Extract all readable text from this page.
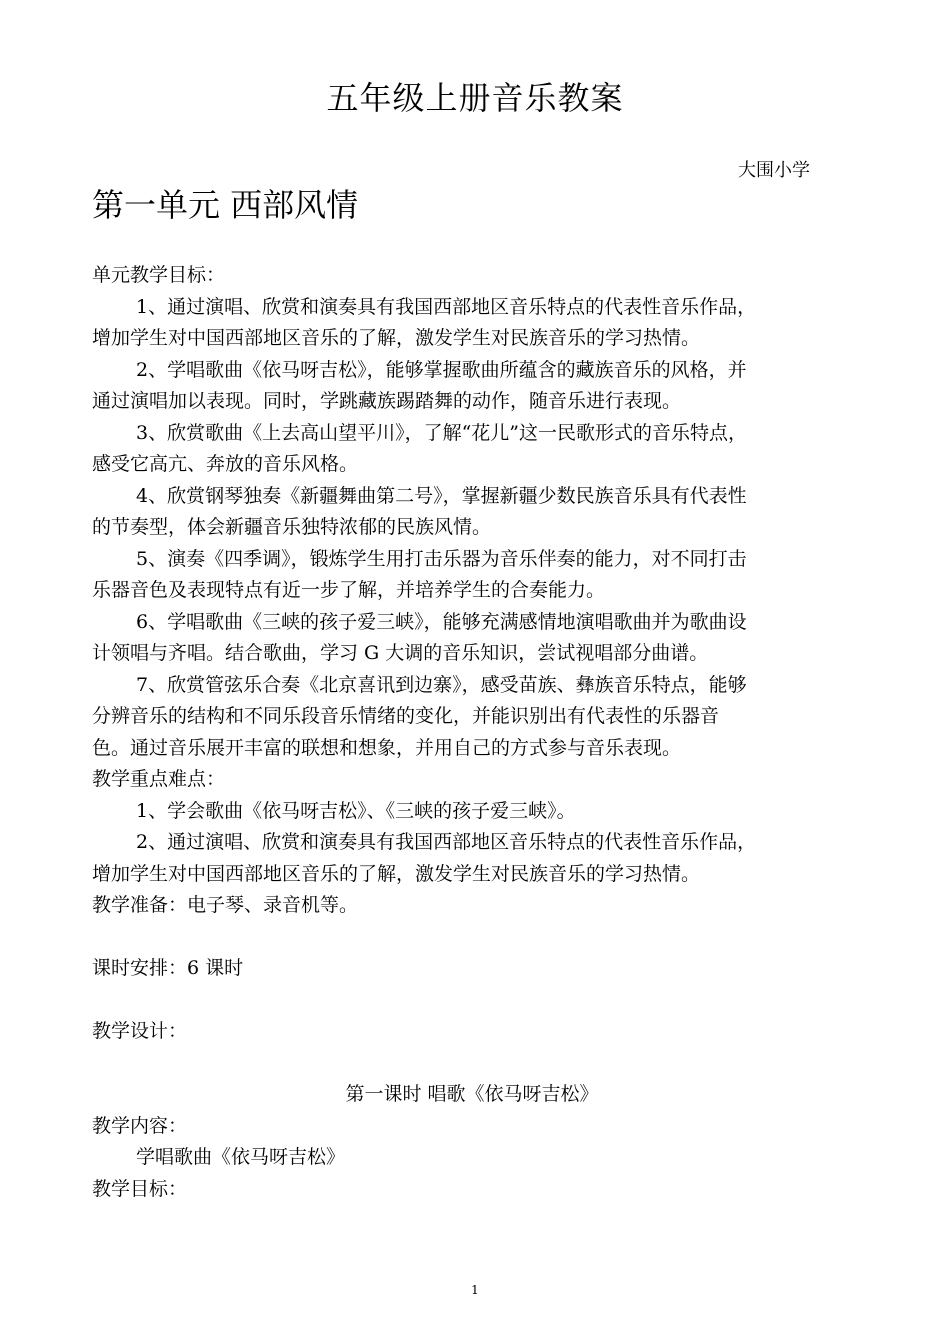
五年级上册音乐教案
大围小学
第一单元 西部风情
单元教学目标：
1、通过演唱、欣赏和演奏具有我国西部地区音乐特点的代表性音乐作品，
增加学生对中国西部地区音乐的了解，激发学生对民族音乐的学习热情。
2、学唱歌曲《依马呀吉松》，能够掌握歌曲所蕴含的藏族音乐的风格，并
通过演唱加以表现。同时，学跳藏族踢踏舞的动作，随音乐进行表现。
3、欣赏歌曲《上去高山望平川》，了解“花儿”这一民歌形式的音乐特点，
感受它高亢、奔放的音乐风格。
4、欣赏钢琴独奏《新疆舞曲第二号》，掌握新疆少数民族音乐具有代表性
的节奏型，体会新疆音乐独特浓郁的民族风情。
5、演奏《四季调》，锻炼学生用打击乐器为音乐伴奏的能力，对不同打击
乐器音色及表现特点有近一步了解，并培养学生的合奏能力。
6、学唱歌曲《三峡的孩子爱三峡》，能够充满感情地演唱歌曲并为歌曲设
计领唱与齐唱。结合歌曲，学习 G 大调的音乐知识，尝试视唱部分曲谱。
7、欣赏管弦乐合奏《北京喜讯到边寨》，感受苗族、彝族音乐特点，能够
分辨音乐的结构和不同乐段音乐情绪的变化，并能识别出有代表性的乐器音
色。通过音乐展开丰富的联想和想象，并用自己的方式参与音乐表现。
教学重点难点：
1、学会歌曲《依马呀吉松》、《三峡的孩子爱三峡》。
2、通过演唱、欣赏和演奏具有我国西部地区音乐特点的代表性音乐作品，
增加学生对中国西部地区音乐的了解，激发学生对民族音乐的学习热情。
教学准备：电子琴、录音机等。
课时安排：6 课时
教学设计：
第一课时 唱歌《依马呀吉松》
教学内容：
学唱歌曲《依马呀吉松》
教学目标：
1
